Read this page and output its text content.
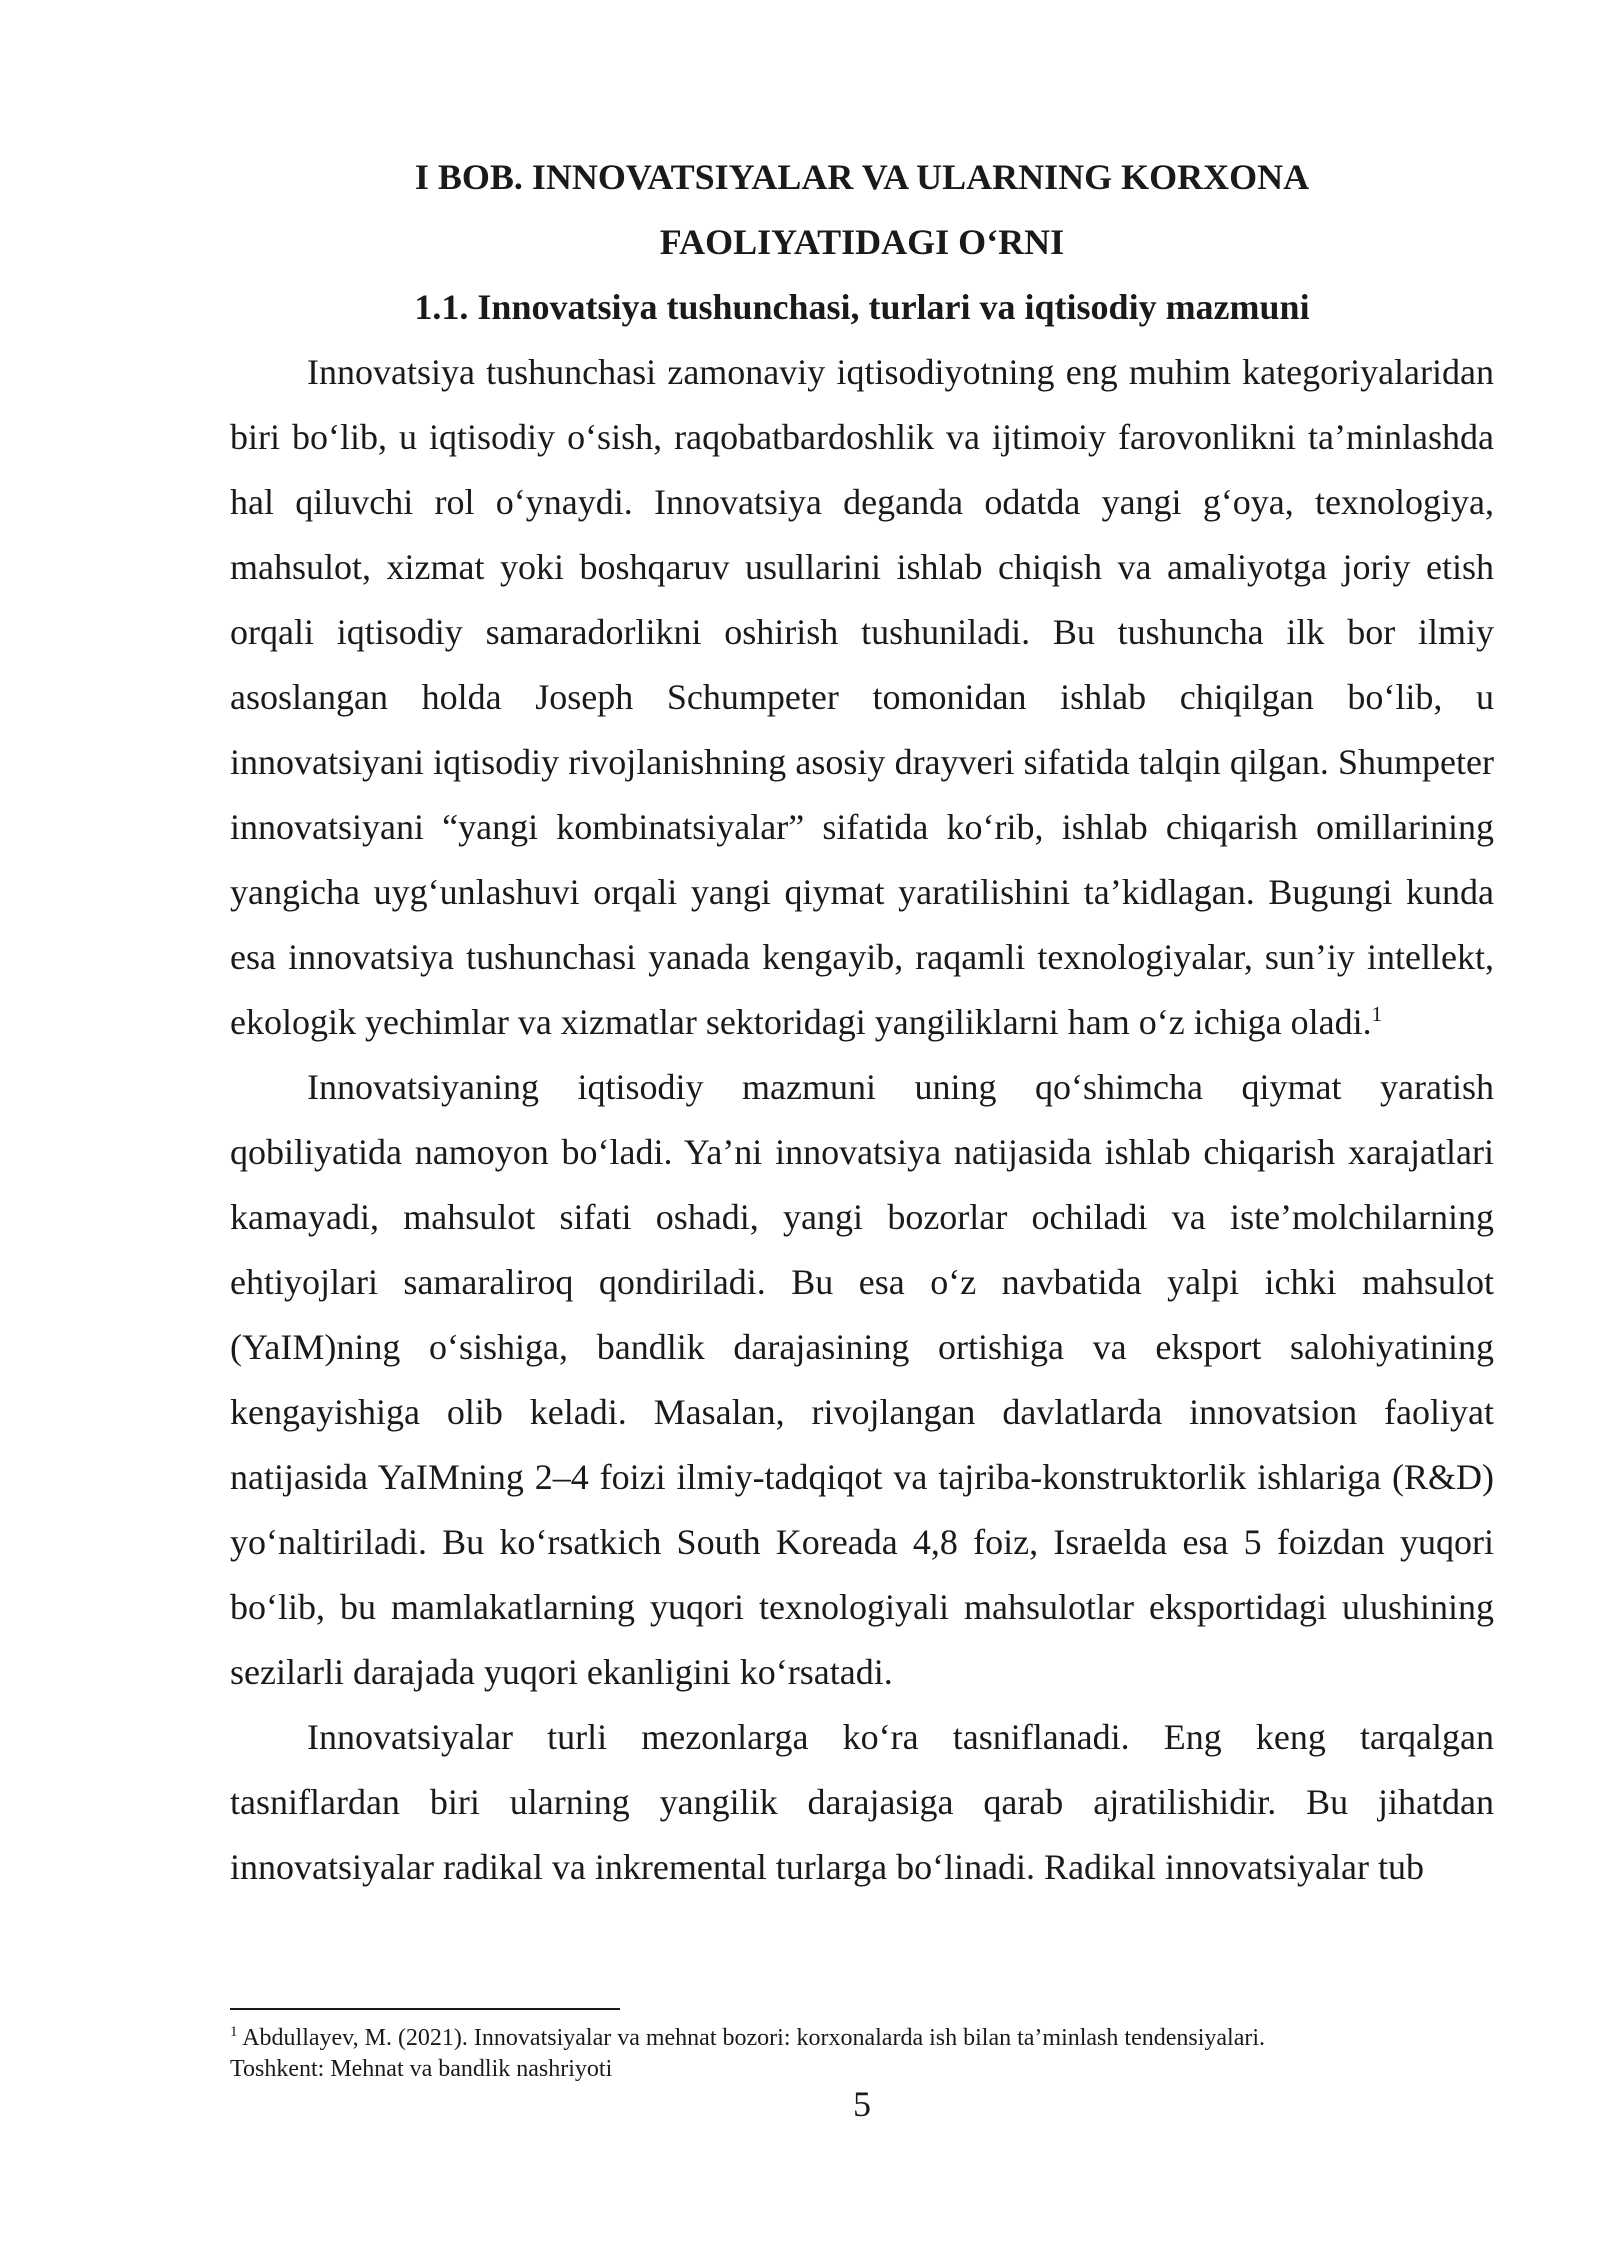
I BOB. INNOVATSIYALAR VA ULARNING KORXONA

FAOLIYATIDAGI O‘RNI

1.1. Innovatsiya tushunchasi, turlari va iqtisodiy mazmuni

Innovatsiya tushunchasi zamonaviy iqtisodiyotning eng muhim kategoriyalaridan biri bo‘lib, u iqtisodiy o‘sish, raqobatbardoshlik va ijtimoiy farovonlikni ta’minlashda hal qiluvchi rol o‘ynaydi. Innovatsiya deganda odatda yangi g‘oya, texnologiya, mahsulot, xizmat yoki boshqaruv usullarini ishlab chiqish va amaliyotga joriy etish orqali iqtisodiy samaradorlikni oshirish tushuniladi. Bu tushuncha ilk bor ilmiy asoslangan holda Joseph Schumpeter tomonidan ishlab chiqilgan bo‘lib, u innovatsiyani iqtisodiy rivojlanishning asosiy drayveri sifatida talqin qilgan. Shumpeter innovatsiyani “yangi kombinatsiyalar” sifatida ko‘rib, ishlab chiqarish omillarining yangicha uyg‘unlashuvi orqali yangi qiymat yaratilishini ta’kidlagan. Bugungi kunda esa innovatsiya tushunchasi yanada kengayib, raqamli texnologiyalar, sun’iy intellekt, ekologik yechimlar va xizmatlar sektoridagi yangiliklarni ham o‘z ichiga oladi.$^1$

Innovatsiyaning iqtisodiy mazmuni uning qo‘shimcha qiymat yaratish qobiliyatida namoyon bo‘ladi. Ya’ni innovatsiya natijasida ishlab chiqarish xarajatlari kamayadi, mahsulot sifati oshadi, yangi bozorlar ochiladi va iste’molchilarning ehtiyojlari samaraliroq qondiriladi. Bu esa o‘z navbatida yalpi ichki mahsulot (YaIM)ning o‘sishiga, bandlik darajasining ortishiga va eksport salohiyatining kengayishiga olib keladi. Masalan, rivojlangan davlatlarda innovatsion faoliyat natijasida YaIMning 2–4 foizi ilmiy-tadqiqot va tajriba-konstruktorlik ishlariga (R&D) yo‘naltiriladi. Bu ko‘rsatkich South Koreada 4,8 foiz, Israelda esa 5 foizdan yuqori bo‘lib, bu mamlakatlarning yuqori texnologiyali mahsulotlar eksportidagi ulushining sezilarli darajada yuqori ekanligini ko‘rsatadi.

Innovatsiyalar turli mezonlarga ko‘ra tasniflanadi. Eng keng tarqalgan tasniflardan biri ularning yangilik darajasiga qarab ajratilishidir. Bu jihatdan innovatsiyalar radikal va inkremental turlarga bo‘linadi. Radikal innovatsiyalar tub

$^1$ Abdullayev, M. (2021). Innovatsiyalar va mehnat bozori: korxonalarda ish bilan ta’minlash tendensiyalari.
Toshkent: Mehnat va bandlik nashriyoti
5
